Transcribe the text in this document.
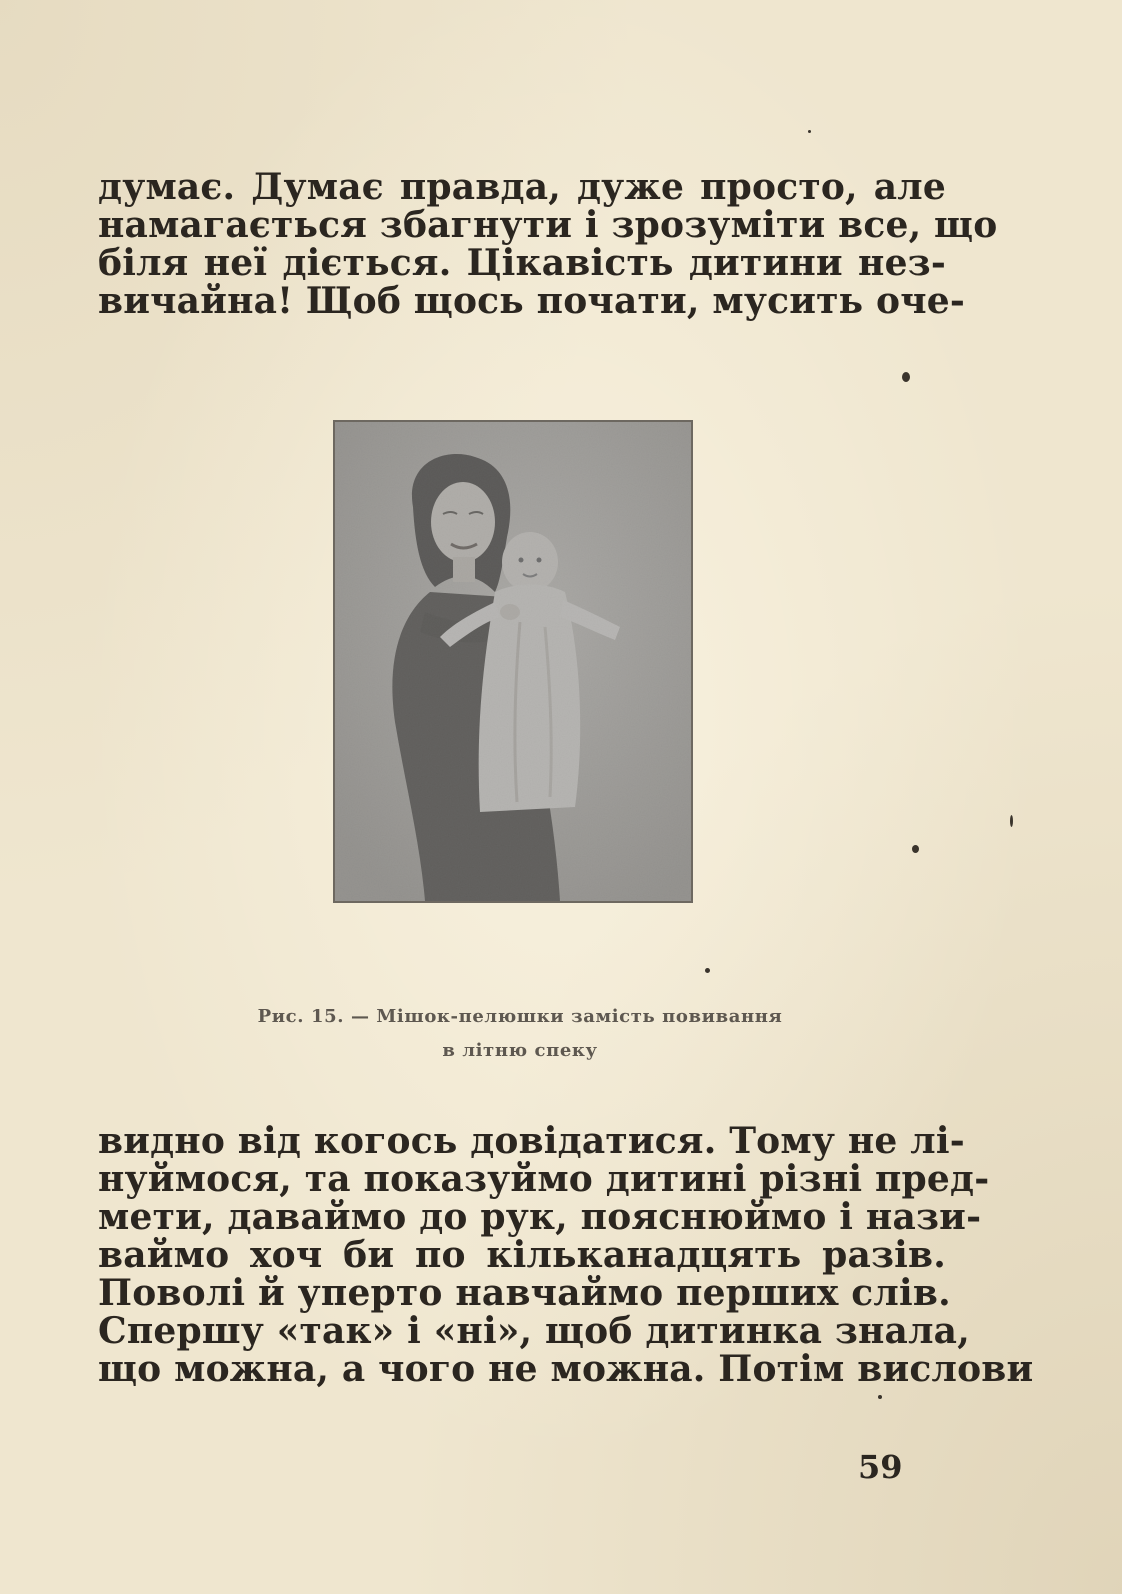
думає. Думає правда, дуже просто, але
намагається збагнути і зрозуміти все, що
біля неї діється. Цікавість дитини нез-
вичайна! Щоб щось почати, мусить оче-
Рис. 15. — Мішок-пелюшки замість повивання
в літню спеку
видно від когось довідатися. Тому не лі-
нуймося, та показуймо дитині різні пред-
мети, даваймо до рук, пояснюймо і нази-
ваймо хоч би по кільканадцять разів.
Поволі й уперто навчаймо перших слів.
Спершу «так» і «ні», щоб дитинка знала,
що можна, а чого не можна. Потім вислови
59
